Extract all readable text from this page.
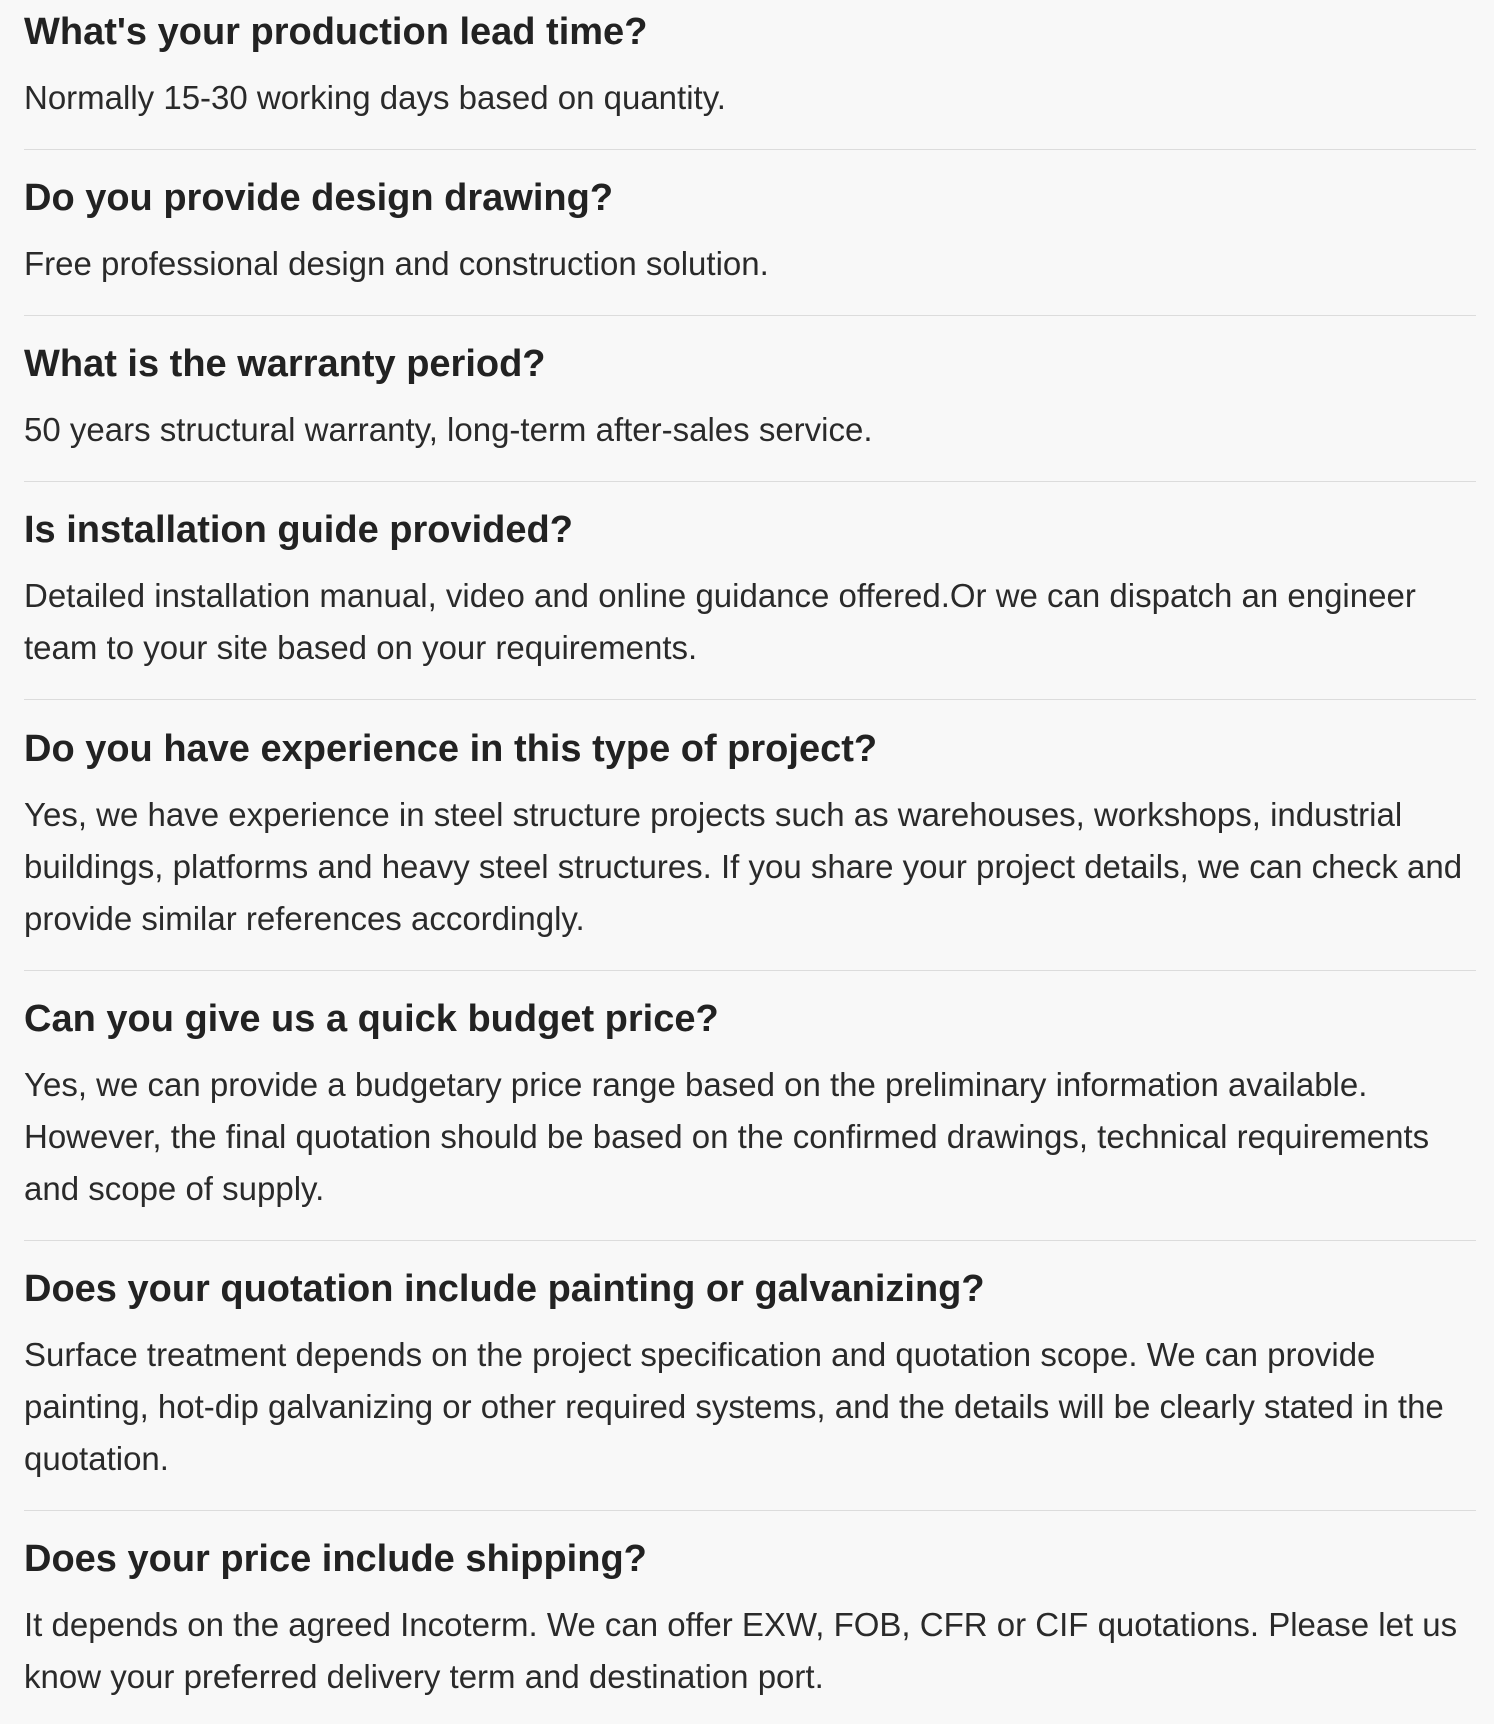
What's your production lead time?

Normally 15-30 working days based on quantity.

Do you provide design drawing?

Free professional design and construction solution.

What is the warranty period?

50 years structural warranty, long-term after-sales service.

Is installation guide provided?

Detailed installation manual, video and online guidance offered.Or we can dispatch an engineer team to your site based on your requirements.

Do you have experience in this type of project?

Yes, we have experience in steel structure projects such as warehouses, workshops, industrial buildings, platforms and heavy steel structures. If you share your project details, we can check and provide similar references accordingly.

Can you give us a quick budget price?

Yes, we can provide a budgetary price range based on the preliminary information available. However, the final quotation should be based on the confirmed drawings, technical requirements and scope of supply.

Does your quotation include painting or galvanizing?

Surface treatment depends on the project specification and quotation scope. We can provide painting, hot-dip galvanizing or other required systems, and the details will be clearly stated in the quotation.

Does your price include shipping?

It depends on the agreed Incoterm. We can offer EXW, FOB, CFR or CIF quotations. Please let us know your preferred delivery term and destination port.
